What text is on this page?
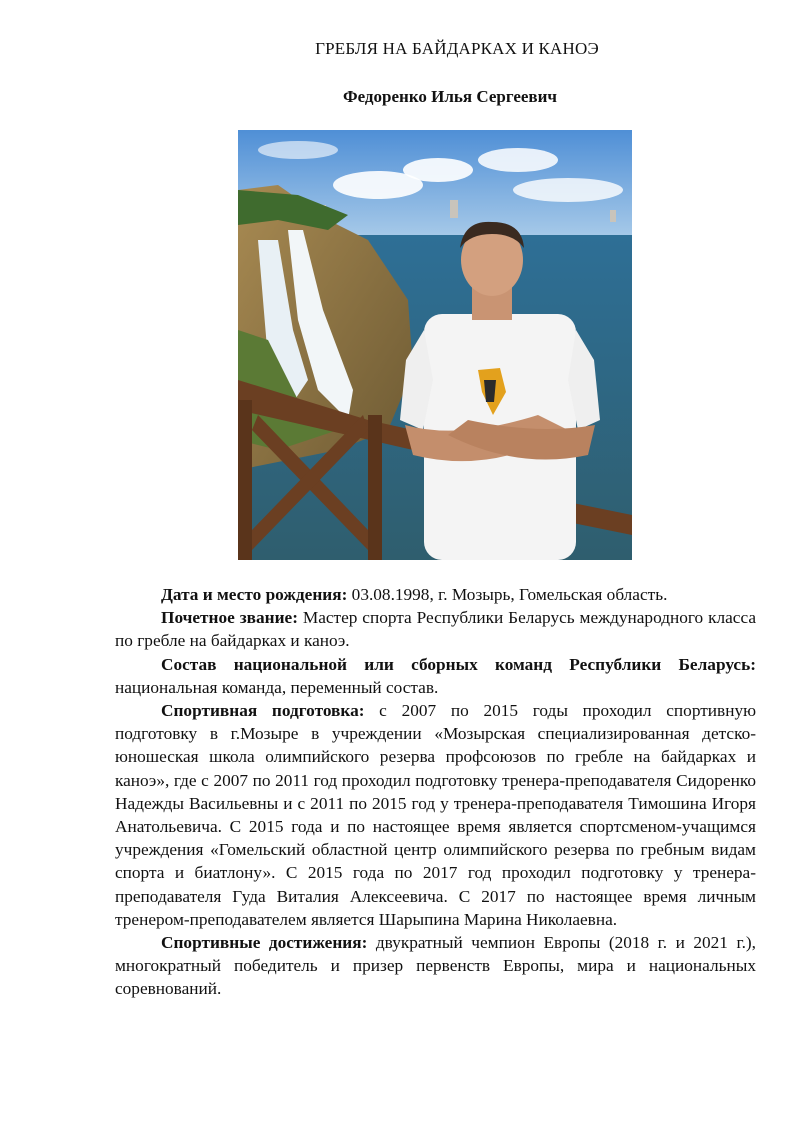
ГРЕБЛЯ НА БАЙДАРКАХ И КАНОЭ
Федоренко Илья Сергеевич

Дата и место рождения: 03.08.1998, г. Мозырь, Гомельская область.

Почетное звание: Мастер спорта Республики Беларусь международного класса по гребле на байдарках и каноэ.

Состав национальной или сборных команд Республики Беларусь: национальная команда, переменный состав.

Спортивная подготовка: с 2007 по 2015 годы проходил спортивную подготовку в г.Мозыре в учреждении «Мозырская специализированная детско-юношеская школа олимпийского резерва профсоюзов по гребле на байдарках и каноэ», где с 2007 по 2011 год проходил подготовку тренера-преподавателя Сидоренко Надежды Васильевны и с 2011 по 2015 год у тренера-преподавателя Тимошина Игоря Анатольевича. С 2015 года и по настоящее время является спортсменом-учащимся учреждения «Гомельский областной центр олимпийского резерва по гребным видам спорта и биатлону». С 2015 года по 2017 год проходил подготовку у тренера-преподавателя Гуда Виталия Алексеевича. С 2017 по настоящее время личным тренером-преподавателем является Шарыпина Марина Николаевна.

Спортивные достижения: двукратный чемпион Европы (2018 г. и 2021 г.), многократный победитель и призер первенств Европы, мира и национальных соревнований.
